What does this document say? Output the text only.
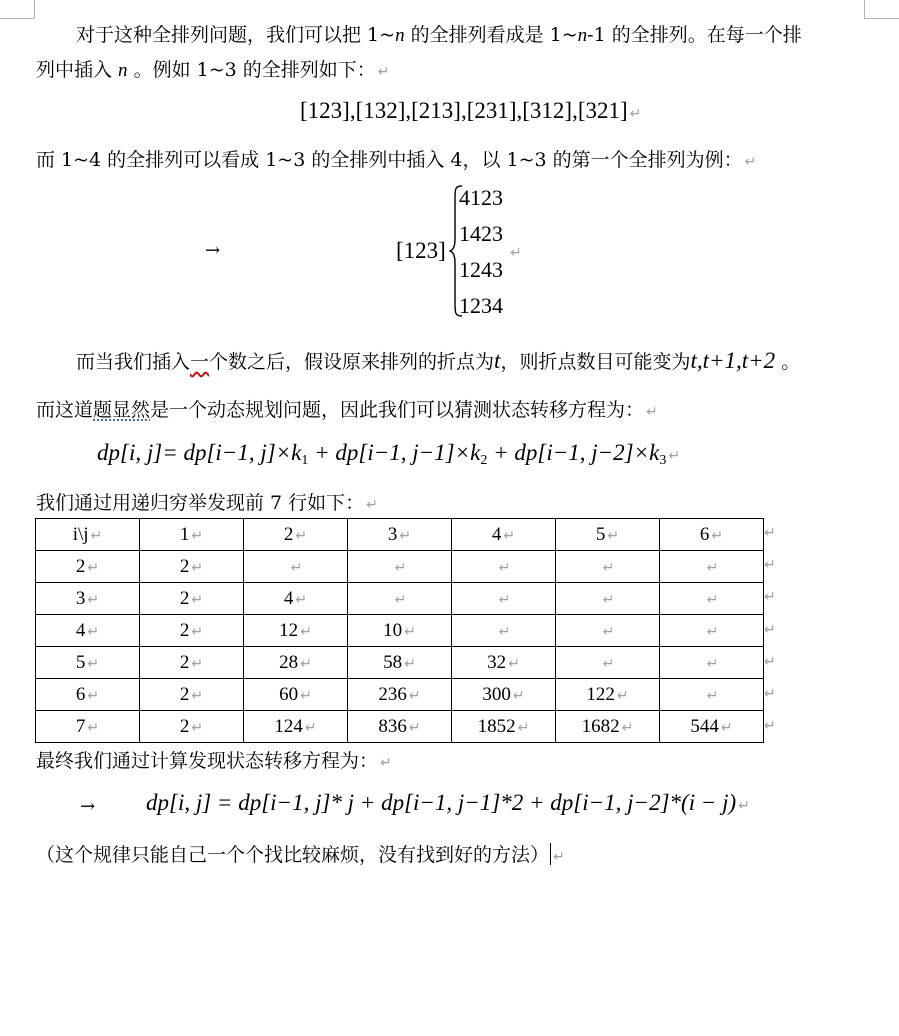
对于这种全排列问题，我们可以把 1~n 的全排列看成是 1~n-1 的全排列。在每一个排
列中插入 n 。例如 1~3 的全排列如下： ↵
[123],[132],[213],[231],[312],[321] ↵
而 1~4 的全排列可以看成 1~3 的全排列中插入 4，以 1~3 的第一个全排列为例： ↵
→	[123]
4123
1423
1243
1234
↵
而当我们插入一个数之后，假设原来排列的折点为t，则折点数目可能变为t,t+1,t+2 。
而这道题显然是一个动态规划问题，因此我们可以猜测状态转移方程为： ↵
dp[i, j]= dp[i−1, $j]\times k_1 + dp[i-1$, $j-1]\times k_2 + dp[i-1$, $j-2]\times k_3$ ↵
我们通过用递归穷举发现前 7 行如下： ↵
i\j ↵	1 ↵	2 ↵	3 ↵	4 ↵	5 ↵	6 ↵
2 ↵	2 ↵	↵	↵	↵	↵	↵
3 ↵	2 ↵	4 ↵	↵	↵	↵	↵
4 ↵	2 ↵	12 ↵	10 ↵	↵	↵	↵
5 ↵	2 ↵	28 ↵	58 ↵	32 ↵	↵	↵
6 ↵	2 ↵	60 ↵	236 ↵	300 ↵	122 ↵	↵
7 ↵	2 ↵	124 ↵	836 ↵	1852 ↵	1682 ↵	544 ↵
↵
↵
↵
↵
↵
↵
↵
最终我们通过计算发现状态转移方程为： ↵
→ dp[i, j] = dp[i−1, j]* j + dp[i−1, j−1]*2 + dp[i−1, j−2]*(i − j) ↵
（这个规律只能自己一个个找比较麻烦，没有找到好的方法） ↵
